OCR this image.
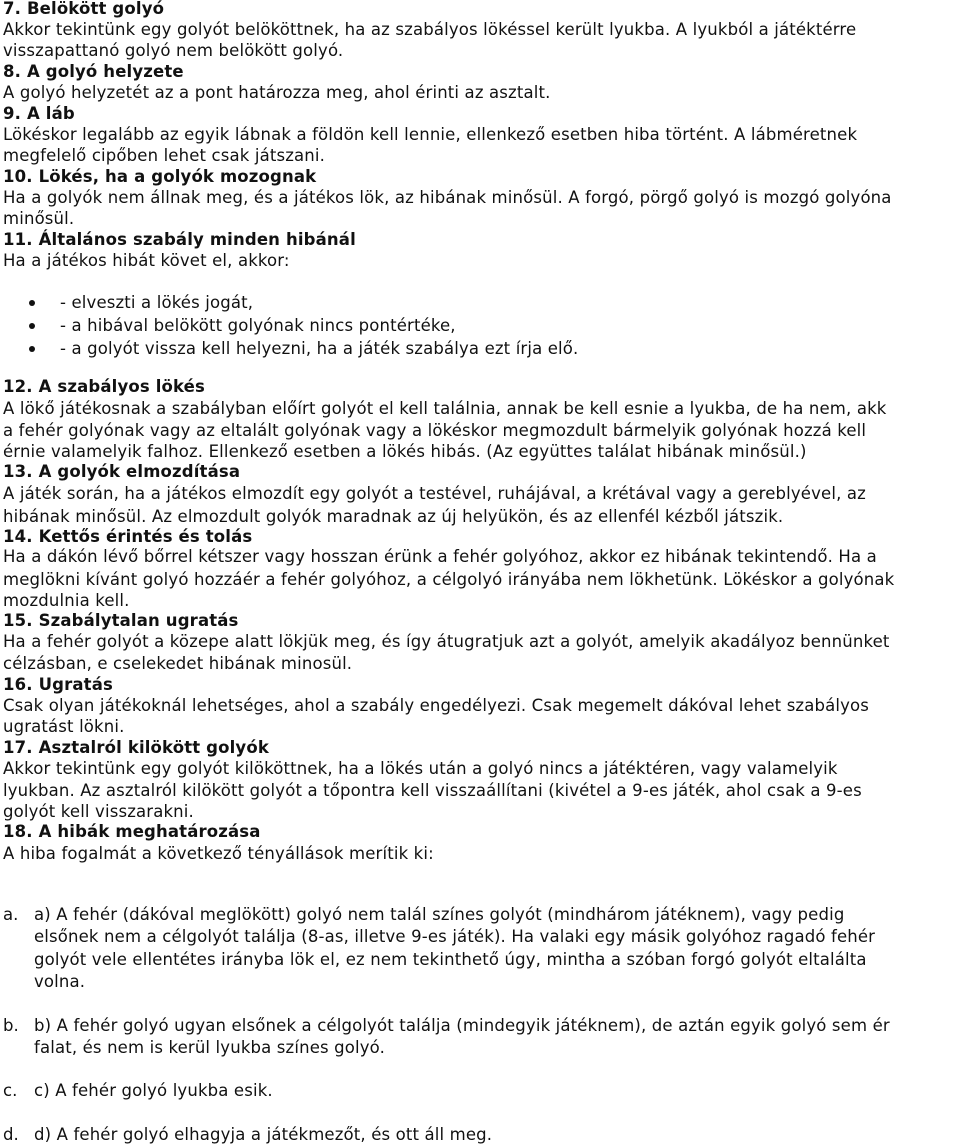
7. Belökött golyó
Akkor tekintünk egy golyót belököttnek, ha az szabályos lökéssel került lyukba. A lyukból a játéktérre
visszapattanó golyó nem belökött golyó.
8. A golyó helyzete
A golyó helyzetét az a pont határozza meg, ahol érinti az asztalt.
9. A láb
Lökéskor legalább az egyik lábnak a földön kell lennie, ellenkező esetben hiba történt. A lábméretnek
megfelelő cipőben lehet csak játszani.
10. Lökés, ha a golyók mozognak
Ha a golyók nem állnak meg, és a játékos lök, az hibának minősül. A forgó, pörgő golyó is mozgó golyóna
minősül.
11. Általános szabály minden hibánál
Ha a játékos hibát követ el, akkor:
- elveszti a lökés jogát,
- a hibával belökött golyónak nincs pontértéke,
- a golyót vissza kell helyezni, ha a játék szabálya ezt írja elő.
12. A szabályos lökés
A lökő játékosnak a szabályban előírt golyót el kell találnia, annak be kell esnie a lyukba, de ha nem, akk
a fehér golyónak vagy az eltalált golyónak vagy a lökéskor megmozdult bármelyik golyónak hozzá kell
érnie valamelyik falhoz. Ellenkező esetben a lökés hibás. (Az együttes találat hibának minősül.)
13. A golyók elmozdítása
A játék során, ha a játékos elmozdít egy golyót a testével, ruhájával, a krétával vagy a gereblyével, az
hibának minősül. Az elmozdult golyók maradnak az új helyükön, és az ellenfél kézből játszik.
14. Kettős érintés és tolás
Ha a dákón lévő bőrrel kétszer vagy hosszan érünk a fehér golyóhoz, akkor ez hibának tekintendő. Ha a
meglökni kívánt golyó hozzáér a fehér golyóhoz, a célgolyó irányába nem lökhetünk. Lökéskor a golyónak
mozdulnia kell.
15. Szabálytalan ugratás
Ha a fehér golyót a közepe alatt lökjük meg, és így átugratjuk azt a golyót, amelyik akadályoz bennünket
célzásban, e cselekedet hibának minosül.
16. Ugratás
Csak olyan játékoknál lehetséges, ahol a szabály engedélyezi. Csak megemelt dákóval lehet szabályos
ugratást lökni.
17. Asztalról kilökött golyók
Akkor tekintünk egy golyót kilököttnek, ha a lökés után a golyó nincs a játéktéren, vagy valamelyik
lyukban. Az asztalról kilökött golyót a tőpontra kell visszaállítani (kivétel a 9-es játék, ahol csak a 9-es
golyót kell visszarakni.
18. A hibák meghatározása
A hiba fogalmát a következő tényállások merítik ki:
a. a) A fehér (dákóval meglökött) golyó nem talál színes golyót (mindhárom játéknem), vagy pedig
elsőnek nem a célgolyót találja (8-as, illetve 9-es játék). Ha valaki egy másik golyóhoz ragadó fehér
golyót vele ellentétes irányba lök el, ez nem tekinthető úgy, mintha a szóban forgó golyót eltalálta
volna.
b. b) A fehér golyó ugyan elsőnek a célgolyót találja (mindegyik játéknem), de aztán egyik golyó sem ér
falat, és nem is kerül lyukba színes golyó.
c. c) A fehér golyó lyukba esik.
d. d) A fehér golyó elhagyja a játékmezőt, és ott áll meg.
